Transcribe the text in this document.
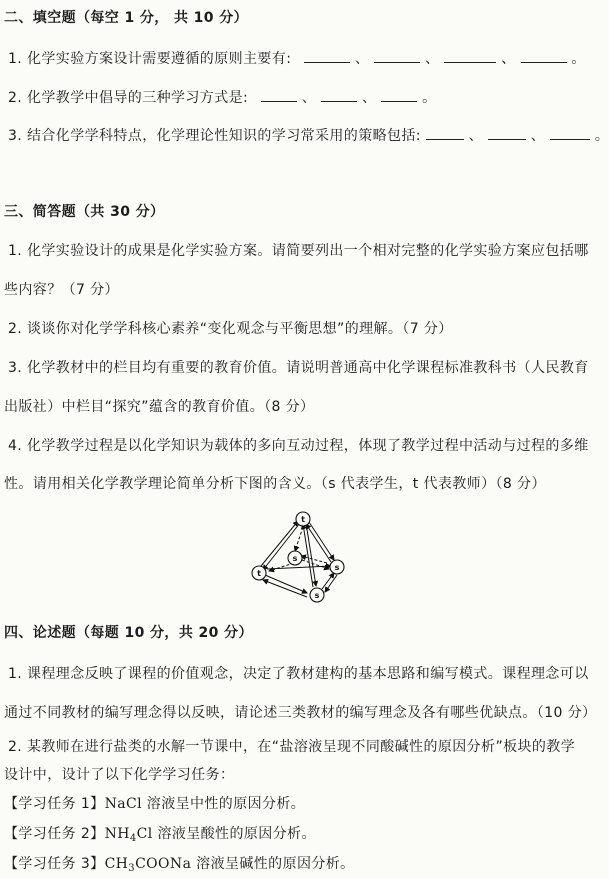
二、填空题（每空 1 分， 共 10 分）
1. 化学实验方案设计需要遵循的原则主要有:	、	、	、	。
2. 化学教学中倡导的三种学习方式是:	、	、	。
3. 结合化学学科特点，化学理论性知识的学习常采用的策略包括:	、	、	。
三、简答题（共 30 分）
1. 化学实验设计的成果是化学实验方案。请简要列出一个相对完整的化学实验方案应包括哪
些内容？（7 分）
2. 谈谈你对化学学科核心素养“变化观念与平衡思想”的理解。（7 分）
3. 化学教材中的栏目均有重要的教育价值。请说明普通高中化学课程标准教科书（人民教育
出版社）中栏目“探究”蕴含的教育价值。（8 分）
4. 化学教学过程是以化学知识为载体的多向互动过程，体现了教学过程中活动与过程的多维
性。请用相关化学教学理论简单分析下图的含义。（s 代表学生，t 代表教师）（8 分）
t
t
s
s
s
四、论述题（每题 10 分，共 20 分）
1. 课程理念反映了课程的价值观念，决定了教材建构的基本思路和编写模式。课程理念可以
通过不同教材的编写理念得以反映，请论述三类教材的编写理念及各有哪些优缺点。（10 分）
2. 某教师在进行盐类的水解一节课中，在“盐溶液呈现不同酸碱性的原因分析”板块的教学
设计中，设计了以下化学学习任务：
【学习任务 1】NaCl 溶液呈中性的原因分析。
【学习任务 2】$NH_4Cl$ 溶液呈酸性的原因分析。
【学习任务 3】$CH_3COONa$ 溶液呈碱性的原因分析。
